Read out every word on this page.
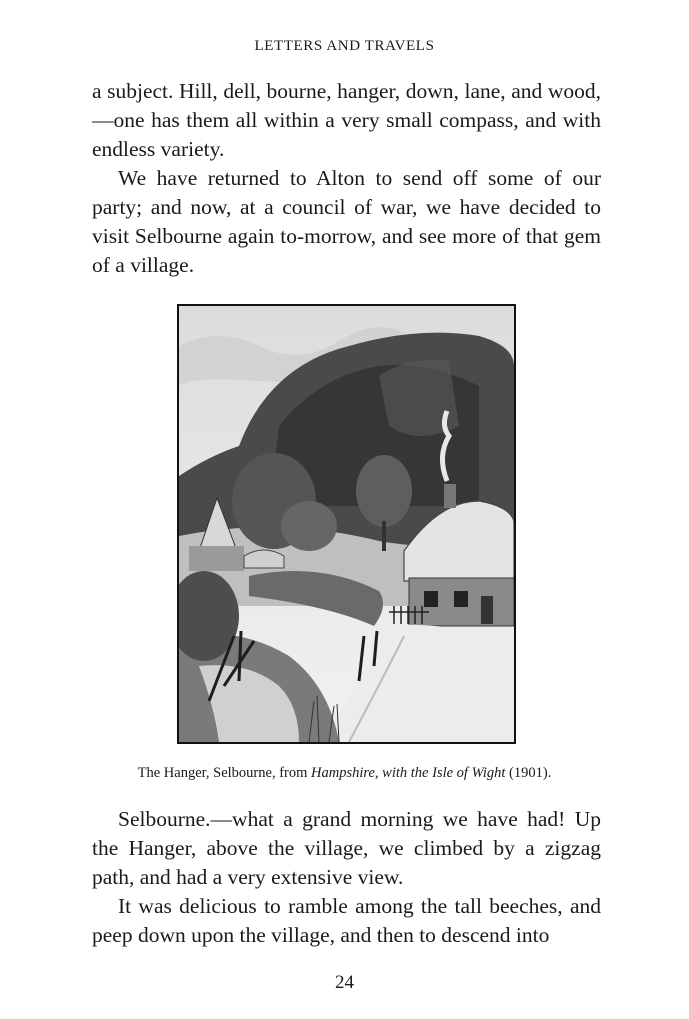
LETTERS AND TRAVELS

a subject. Hill, dell, bourne, hanger, down, lane, and wood,—one has them all within a very small compass, and with endless variety.

We have returned to Alton to send off some of our party; and now, at a council of war, we have decided to visit Selbourne again to-morrow, and see more of that gem of a village.

The Hanger, Selbourne, from Hampshire, with the Isle of Wight (1901).

Selbourne.—what a grand morning we have had! Up the Hanger, above the village, we climbed by a zigzag path, and had a very extensive view.

It was delicious to ramble among the tall beeches, and peep down upon the village, and then to descend into

24
